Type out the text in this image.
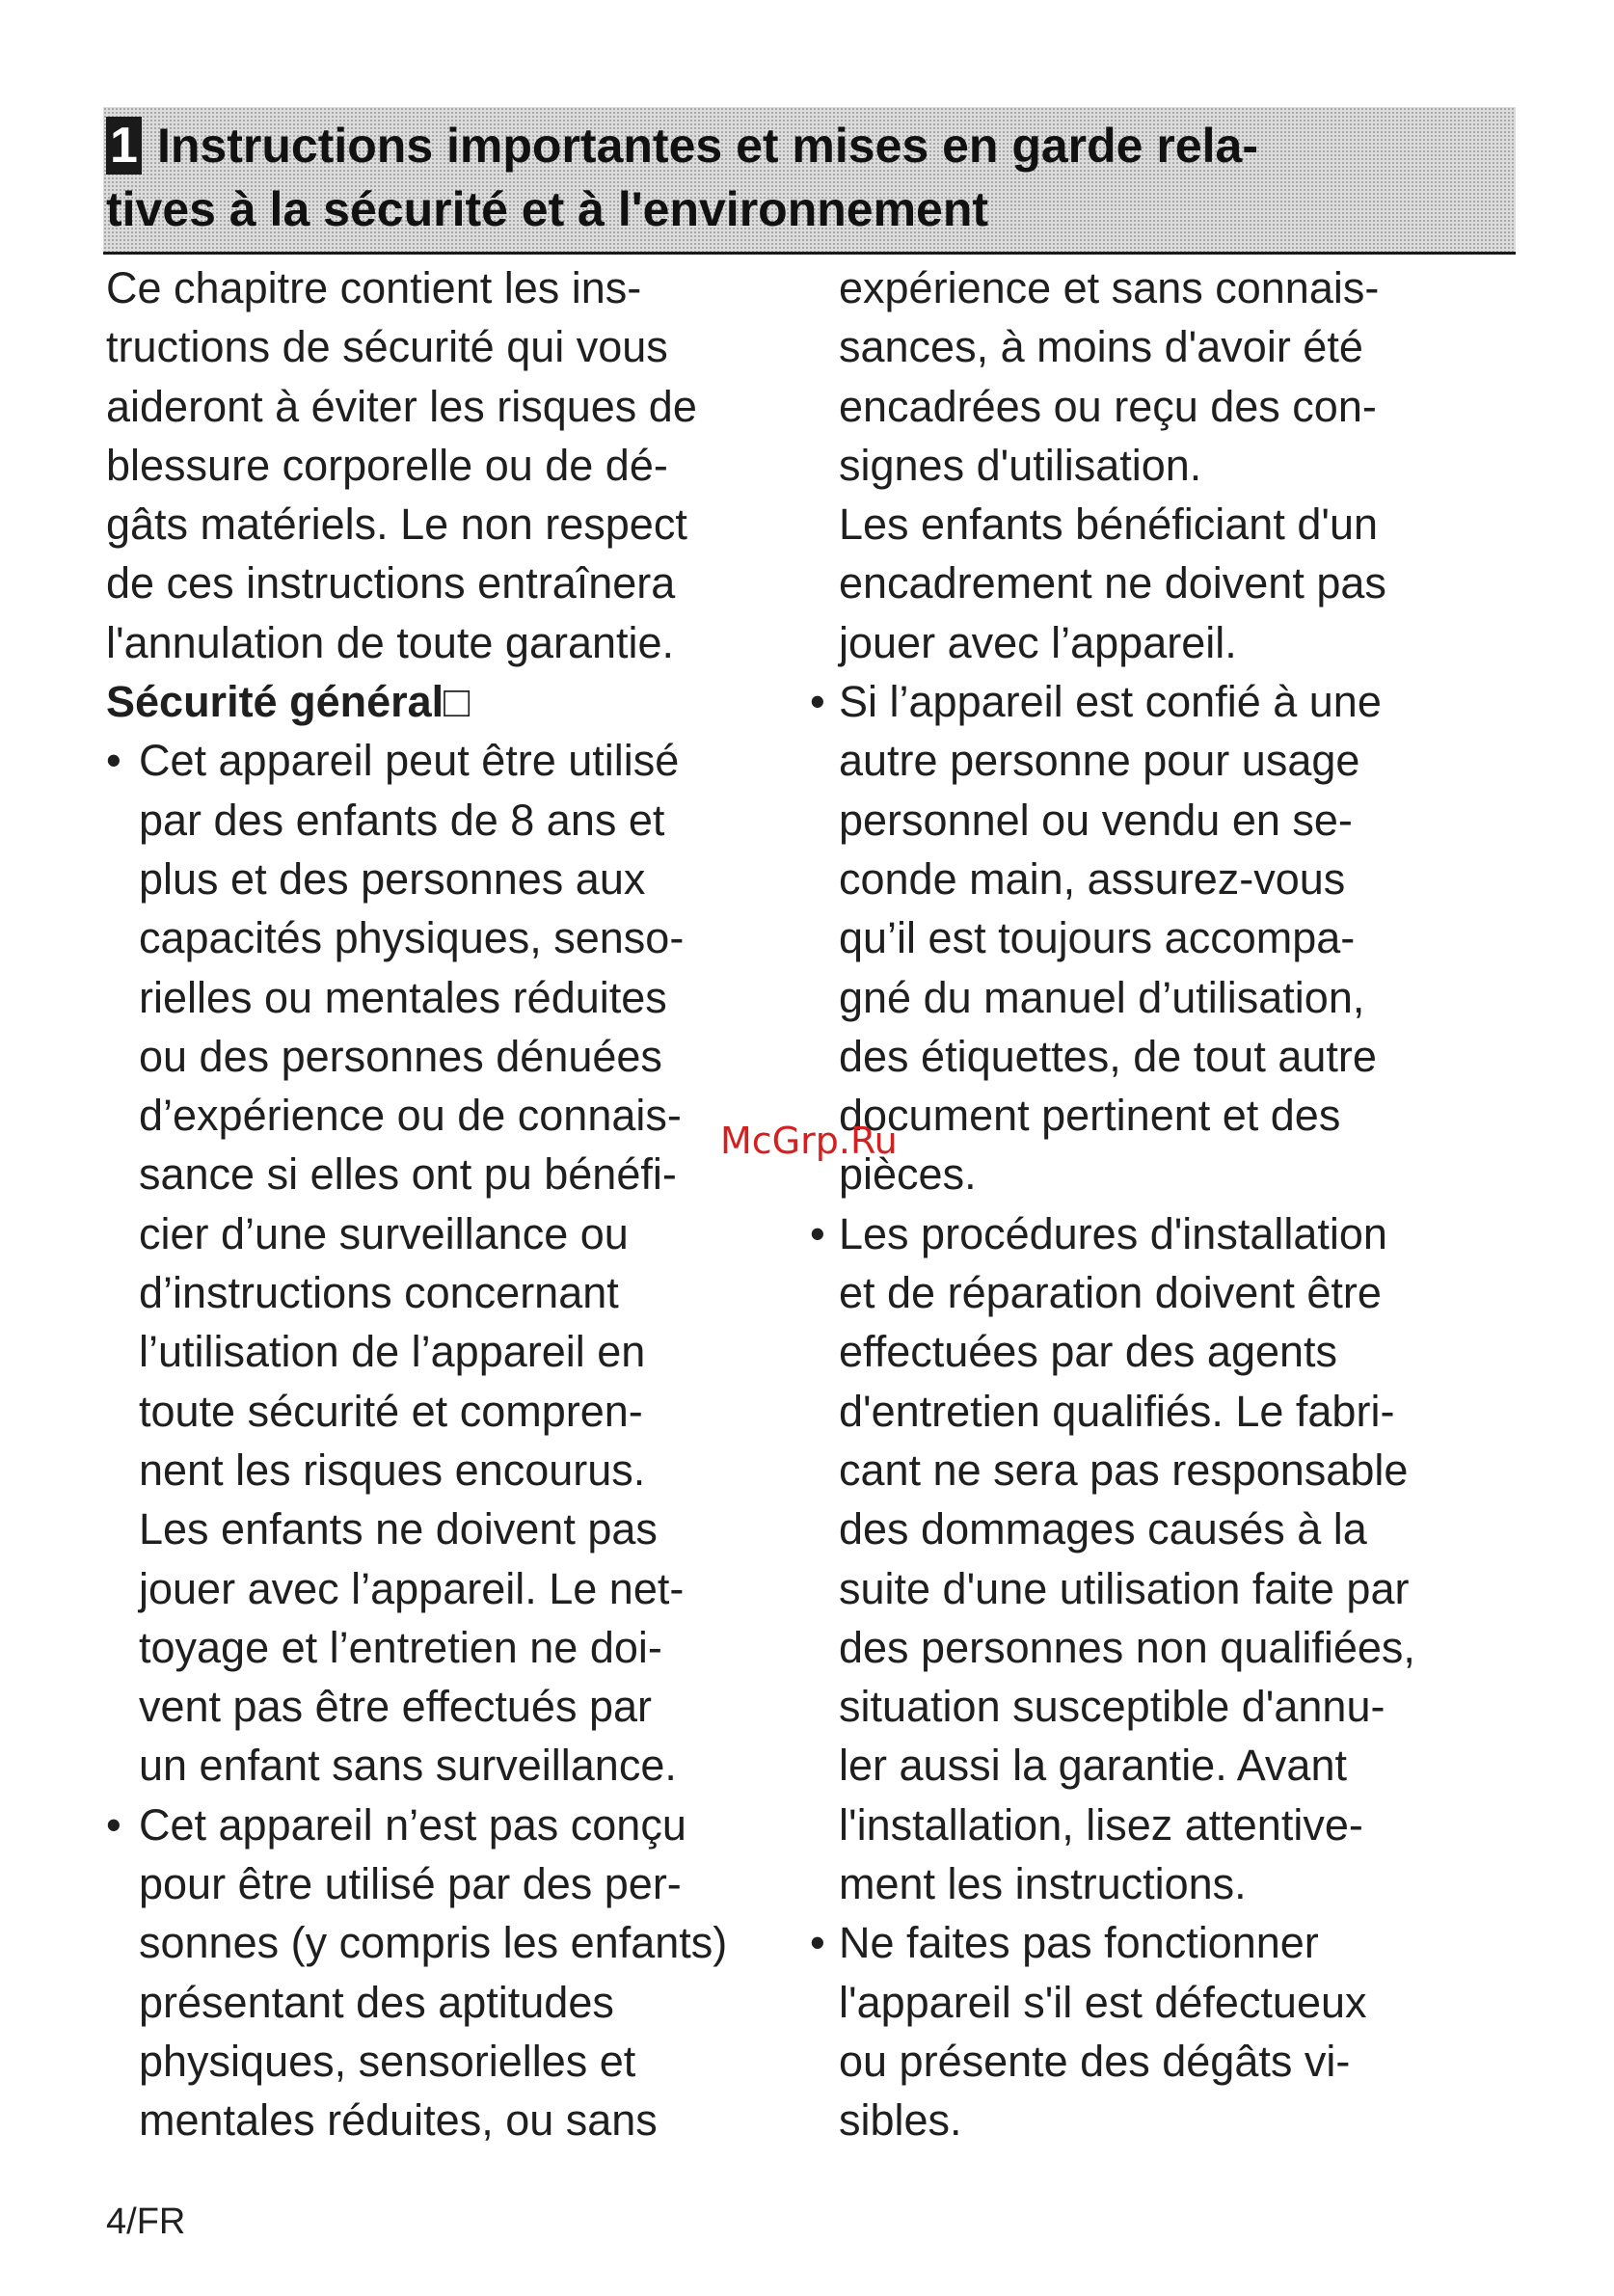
1 Instructions importantes et mises en garde rela-
tives à la sécurité et à l'environnement
Ce chapitre contient les ins-
tructions de sécurité qui vous
aideront à éviter les risques de
blessure corporelle ou de dé-
gâts matériels. Le non respect
de ces instructions entraînera
l'annulation de toute garantie.
Sécurité général□
• Cet appareil peut être utilisé
par des enfants de 8 ans et
plus et des personnes aux
capacités physiques, senso-
rielles ou mentales réduites
ou des personnes dénuées
d’expérience ou de connais-
sance si elles ont pu bénéfi-
cier d’une surveillance ou
d’instructions concernant
l’utilisation de l’appareil en
toute sécurité et compren-
nent les risques encourus.
Les enfants ne doivent pas
jouer avec l’appareil. Le net-
toyage et l’entretien ne doi-
vent pas être effectués par
un enfant sans surveillance.
• Cet appareil n’est pas conçu
pour être utilisé par des per-
sonnes (y compris les enfants)
présentant des aptitudes
physiques, sensorielles et
mentales réduites, ou sans
expérience et sans connais-
sances, à moins d'avoir été
encadrées ou reçu des con-
signes d'utilisation.
Les enfants bénéficiant d'un
encadrement ne doivent pas
jouer avec l’appareil.
• Si l’appareil est confié à une
autre personne pour usage
personnel ou vendu en se-
conde main, assurez-vous
qu’il est toujours accompa-
gné du manuel d’utilisation,
des étiquettes, de tout autre
document pertinent et des
pièces.
• Les procédures d'installation
et de réparation doivent être
effectuées par des agents
d'entretien qualifiés. Le fabri-
cant ne sera pas responsable
des dommages causés à la
suite d'une utilisation faite par
des personnes non qualifiées,
situation susceptible d'annu-
ler aussi la garantie. Avant
l'installation, lisez attentive-
ment les instructions.
• Ne faites pas fonctionner
l'appareil s'il est défectueux
ou présente des dégâts vi-
sibles.
McGrp.Ru
4/FR
